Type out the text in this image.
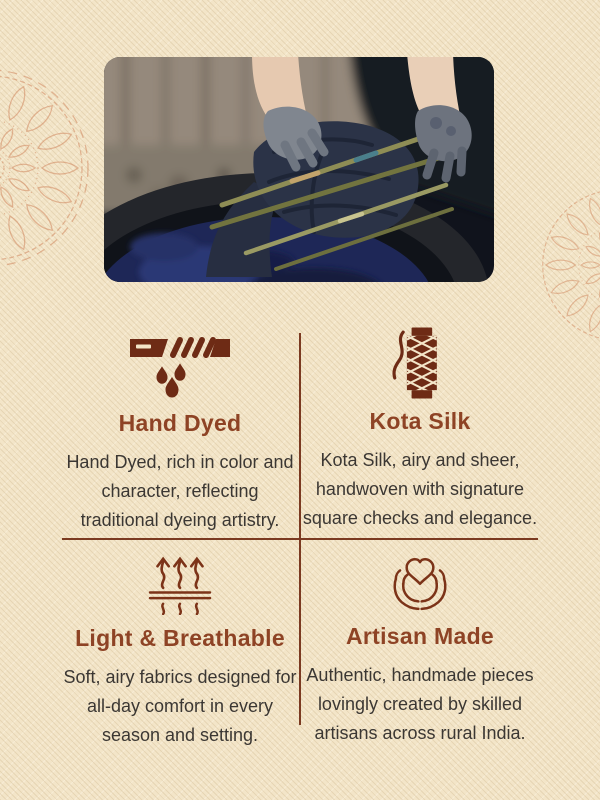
Hand Dyed
Hand Dyed, rich in color and character, reflecting traditional dyeing artistry.
Kota Silk
Kota Silk, airy and sheer, handwoven with signature square checks and elegance.
Light & Breathable
Soft, airy fabrics designed for all-day comfort in every season and setting.
Artisan Made
Authentic, handmade pieces lovingly created by skilled artisans across rural India.
